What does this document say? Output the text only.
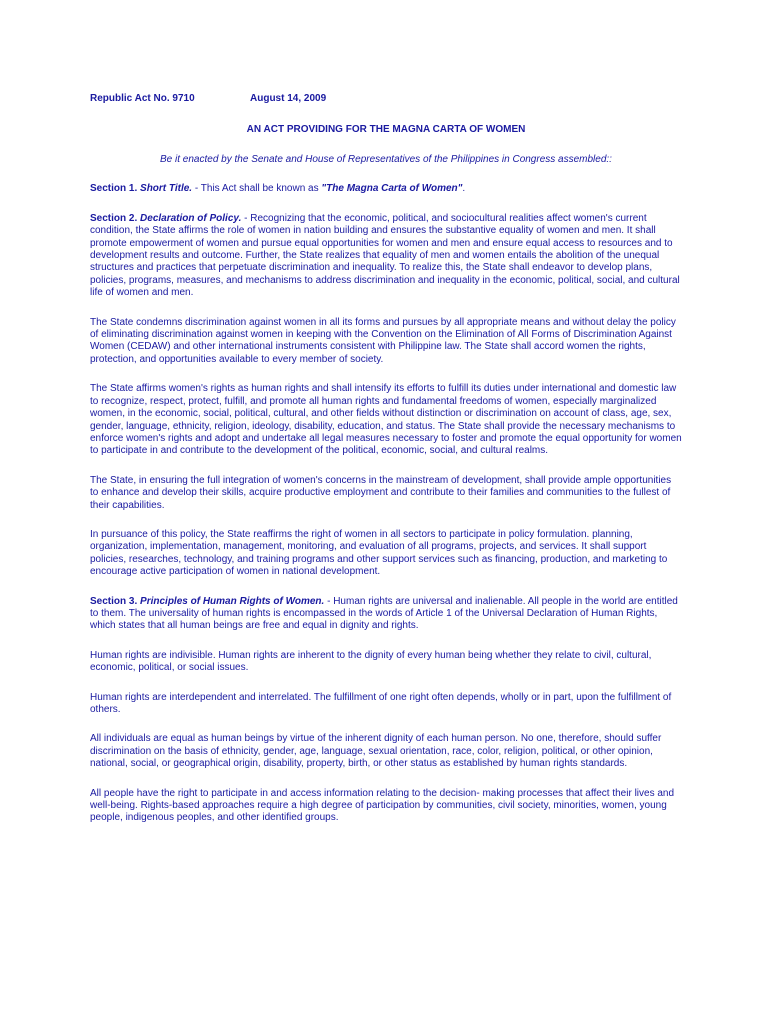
Republic Act No. 9710	August 14, 2009
AN ACT PROVIDING FOR THE MAGNA CARTA OF WOMEN
Be it enacted by the Senate and House of Representatives of the Philippines in Congress assembled::

Section 1. Short Title. - This Act shall be known as "The Magna Carta of Women".

Section 2. Declaration of Policy. - Recognizing that the economic, political, and sociocultural realities affect women's current condition, the State affirms the role of women in nation building and ensures the substantive equality of women and men. It shall promote empowerment of women and pursue equal opportunities for women and men and ensure equal access to resources and to development results and outcome. Further, the State realizes that equality of men and women entails the abolition of the unequal structures and practices that perpetuate discrimination and inequality. To realize this, the State shall endeavor to develop plans, policies, programs, measures, and mechanisms to address discrimination and inequality in the economic, political, social, and cultural life of women and men.

The State condemns discrimination against women in all its forms and pursues by all appropriate means and without delay the policy of eliminating discrimination against women in keeping with the Convention on the Elimination of All Forms of Discrimination Against Women (CEDAW) and other international instruments consistent with Philippine law. The State shall accord women the rights, protection, and opportunities available to every member of society.

The State affirms women's rights as human rights and shall intensify its efforts to fulfill its duties under international and domestic law to recognize, respect, protect, fulfill, and promote all human rights and fundamental freedoms of women, especially marginalized women, in the economic, social, political, cultural, and other fields without distinction or discrimination on account of class, age, sex, gender, language, ethnicity, religion, ideology, disability, education, and status. The State shall provide the necessary mechanisms to enforce women's rights and adopt and undertake all legal measures necessary to foster and promote the equal opportunity for women to participate in and contribute to the development of the political, economic, social, and cultural realms.

The State, in ensuring the full integration of women's concerns in the mainstream of development, shall provide ample opportunities to enhance and develop their skills, acquire productive employment and contribute to their families and communities to the fullest of their capabilities.

In pursuance of this policy, the State reaffirms the right of women in all sectors to participate in policy formulation. planning, organization, implementation, management, monitoring, and evaluation of all programs, projects, and services. It shall support policies, researches, technology, and training programs and other support services such as financing, production, and marketing to encourage active participation of women in national development.

Section 3. Principles of Human Rights of Women. - Human rights are universal and inalienable. All people in the world are entitled to them. The universality of human rights is encompassed in the words of Article 1 of the Universal Declaration of Human Rights, which states that all human beings are free and equal in dignity and rights.

Human rights are indivisible. Human rights are inherent to the dignity of every human being whether they relate to civil, cultural, economic, political, or social issues.

Human rights are interdependent and interrelated. The fulfillment of one right often depends, wholly or in part, upon the fulfillment of others.

All individuals are equal as human beings by virtue of the inherent dignity of each human person. No one, therefore, should suffer discrimination on the basis of ethnicity, gender, age, language, sexual orientation, race, color, religion, political, or other opinion, national, social, or geographical origin, disability, property, birth, or other status as established by human rights standards.

All people have the right to participate in and access information relating to the decision- making processes that affect their lives and well-being. Rights-based approaches require a high degree of participation by communities, civil society, minorities, women, young people, indigenous peoples, and other identified groups.
